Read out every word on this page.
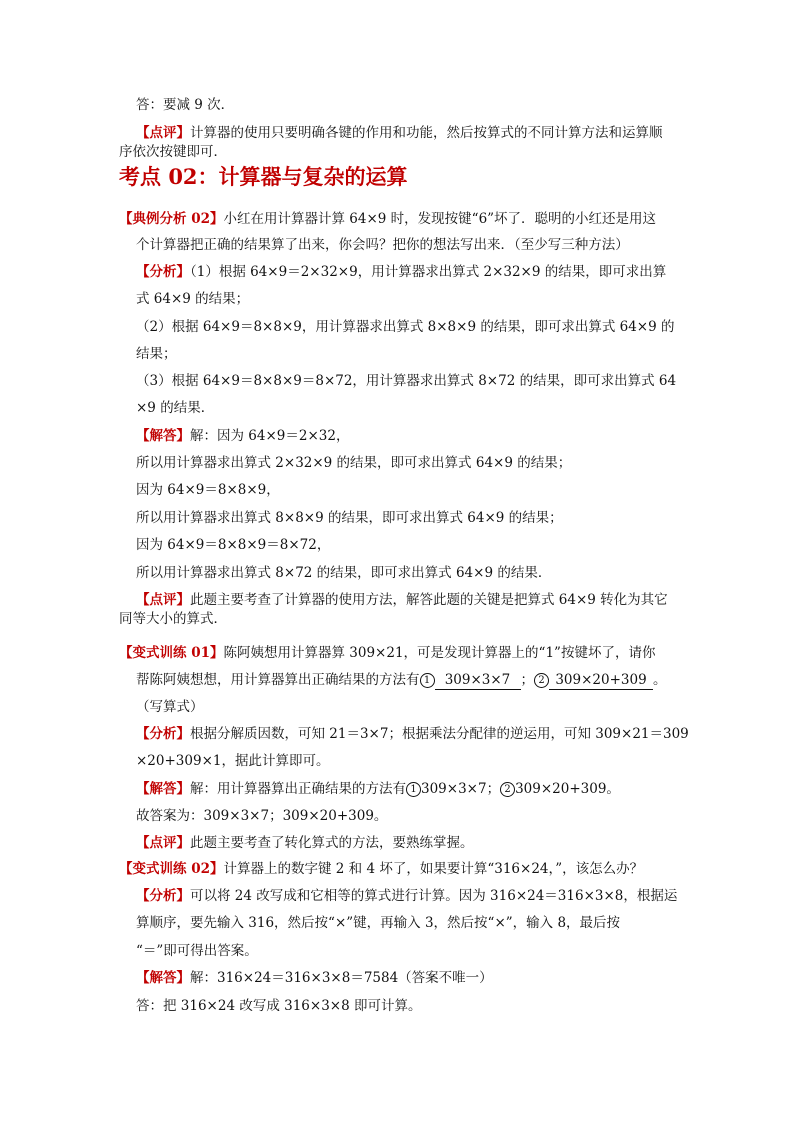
答：要减 9 次．
【点评】计算器的使用只要明确各键的作用和功能，然后按算式的不同计算方法和运算顺
序依次按键即可．
考点 02：计算器与复杂的运算
【典例分析 02】小红在用计算器计算 64×9 时，发现按键“6”坏了．聪明的小红还是用这
个计算器把正确的结果算了出来，你会吗？把你的想法写出来．（至少写三种方法）
【分析】（1）根据 64×9＝2×32×9，用计算器求出算式 2×32×9 的结果，即可求出算
式 64×9 的结果；
（2）根据 64×9＝8×8×9，用计算器求出算式 8×8×9 的结果，即可求出算式 64×9 的
结果；
（3）根据 64×9＝8×8×9＝8×72，用计算器求出算式 8×72 的结果，即可求出算式 64
×9 的结果．
【解答】解：因为 64×9＝2×32，
所以用计算器求出算式 2×32×9 的结果，即可求出算式 64×9 的结果；
因为 64×9＝8×8×9，
所以用计算器求出算式 8×8×9 的结果，即可求出算式 64×9 的结果；
因为 64×9＝8×8×9＝8×72，
所以用计算器求出算式 8×72 的结果，即可求出算式 64×9 的结果．
【点评】此题主要考查了计算器的使用方法，解答此题的关键是把算式 64×9 转化为其它
同等大小的算式．
【变式训练 01】陈阿姨想用计算器算 309×21，可是发现计算器上的“1”按键坏了，请你
帮陈阿姨想想，用计算器算出正确结果的方法有 1 309×3×7 ； 2 309×20+309 。
（写算式）
【分析】根据分解质因数，可知 21＝3×7；根据乘法分配律的逆运用，可知 309×21＝309
×20+309×1，据此计算即可。
【解答】解：用计算器算出正确结果的方法有 1 309×3×7； 2 309×20+309。
故答案为：309×3×7；309×20+309。
【点评】此题主要考查了转化算式的方法，要熟练掌握。
【变式训练 02】计算器上的数字键 2 和 4 坏了，如果要计算“316×24，”，该怎么办？
【分析】可以将 24 改写成和它相等的算式进行计算。因为 316×24＝316×3×8，根据运
算顺序，要先输入 316，然后按“×”键，再输入 3，然后按“×”，输入 8，最后按
“＝”即可得出答案。
【解答】解：316×24＝316×3×8＝7584（答案不唯一）
答：把 316×24 改写成 316×3×8 即可计算。
